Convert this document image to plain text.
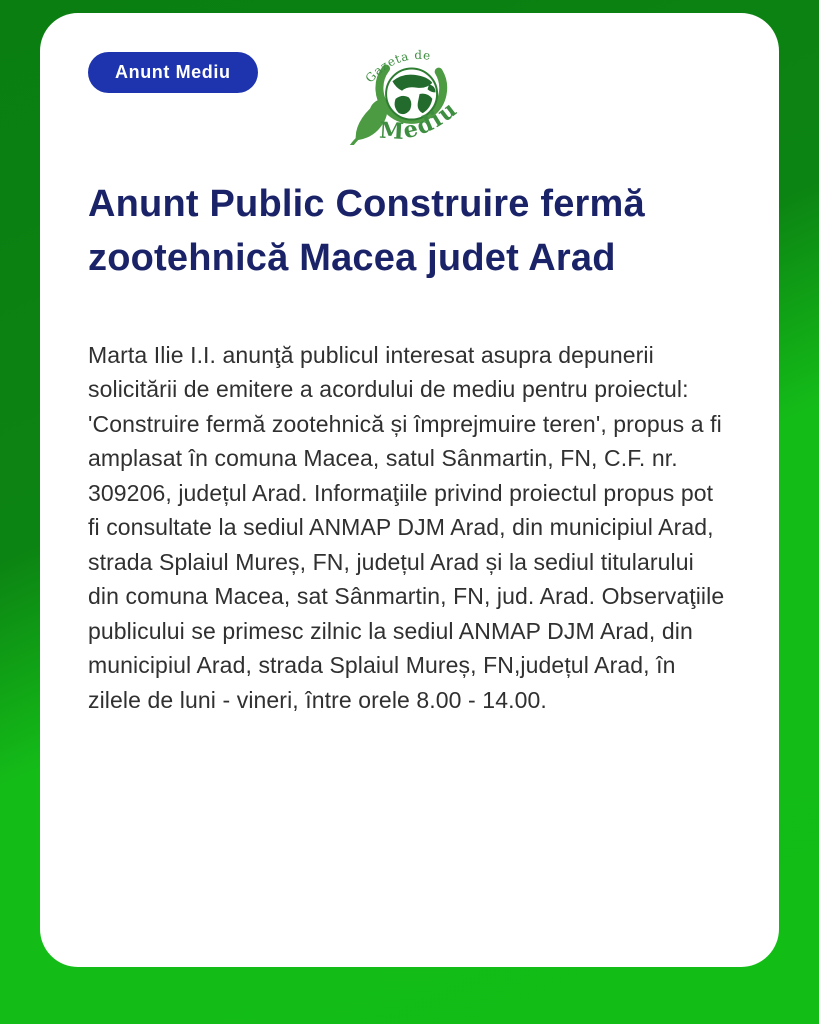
Anunt Mediu	Gazeta de
Mediu
Anunt Public Construire fermă zootehnică Macea judet Arad

Marta Ilie I.I. anunţă publicul interesat asupra depunerii solicitării de emitere a acordului de mediu pentru proiectul: 'Construire fermă zootehnică și împrejmuire teren', propus a fi amplasat în comuna Macea, satul Sânmartin, FN, C.F. nr. 309206, județul Arad. Informaţiile privind proiectul propus pot fi consultate la sediul ANMAP DJM Arad, din municipiul Arad, strada Splaiul Mureș, FN, județul Arad și la sediul titularului din comuna Macea, sat Sânmartin, FN, jud. Arad. Observaţiile publicului se primesc zilnic la sediul ANMAP DJM Arad, din municipiul Arad, strada Splaiul Mureș, FN,județul Arad, în zilele de luni - vineri, între orele 8.00 - 14.00.
